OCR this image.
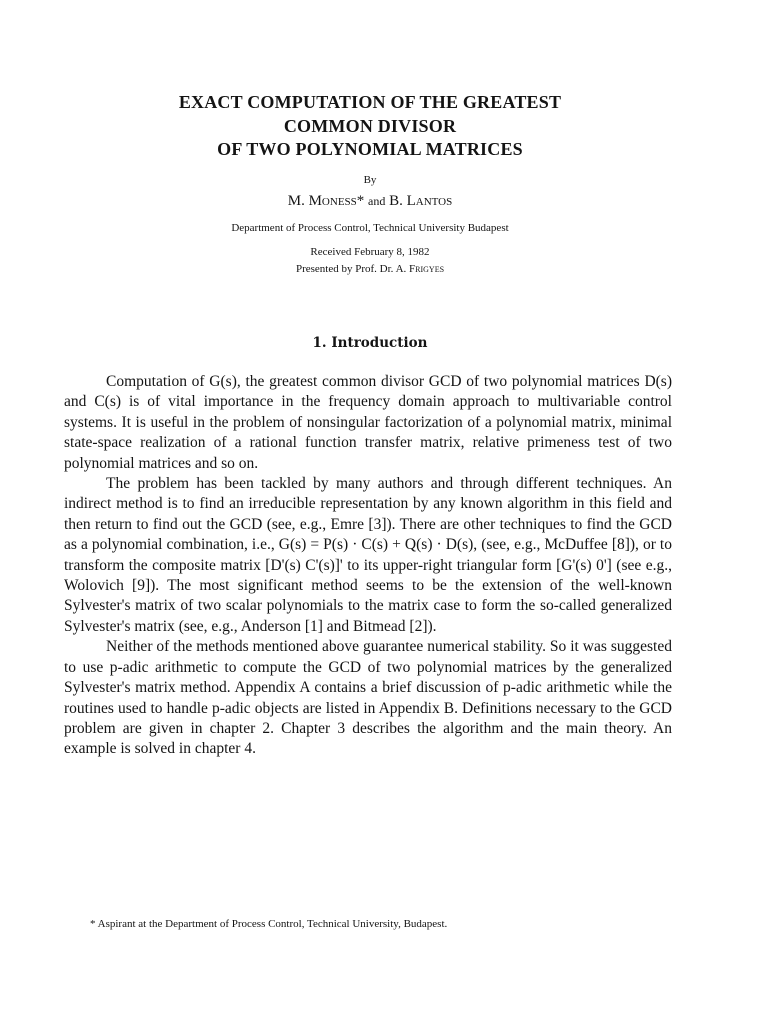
EXACT COMPUTATION OF THE GREATEST
COMMON DIVISOR
OF TWO POLYNOMIAL MATRICES
By
M. Moness* and B. Lantos
Department of Process Control, Technical University Budapest
Received February 8, 1982
Presented by Prof. Dr. A. Frigyes
1. Introduction

Computation of G(s), the greatest common divisor GCD of two polynomial matrices D(s) and C(s) is of vital importance in the frequency domain approach to multivariable control systems. It is useful in the problem of nonsingular factorization of a polynomial matrix, minimal state-space realization of a rational function transfer matrix, relative primeness test of two polynomial matrices and so on.

The problem has been tackled by many authors and through different techniques. An indirect method is to find an irreducible representation by any known algorithm in this field and then return to find out the GCD (see, e.g., Emre [3]). There are other techniques to find the GCD as a polynomial combination, i.e., G(s) = P(s) · C(s) + Q(s) · D(s), (see, e.g., McDuffee [8]), or to transform the composite matrix [D'(s) C'(s)]' to its upper-right triangular form [G'(s) 0'] (see e.g., Wolovich [9]). The most significant method seems to be the extension of the well-known Sylvester's matrix of two scalar polynomials to the matrix case to form the so-called generalized Sylvester's matrix (see, e.g., Anderson [1] and Bitmead [2]).

Neither of the methods mentioned above guarantee numerical stability. So it was suggested to use p-adic arithmetic to compute the GCD of two polynomial matrices by the generalized Sylvester's matrix method. Appendix A contains a brief discussion of p-adic arithmetic while the routines used to handle p-adic objects are listed in Appendix B. Definitions necessary to the GCD problem are given in chapter 2. Chapter 3 describes the algorithm and the main theory. An example is solved in chapter 4.

* Aspirant at the Department of Process Control, Technical University, Budapest.
